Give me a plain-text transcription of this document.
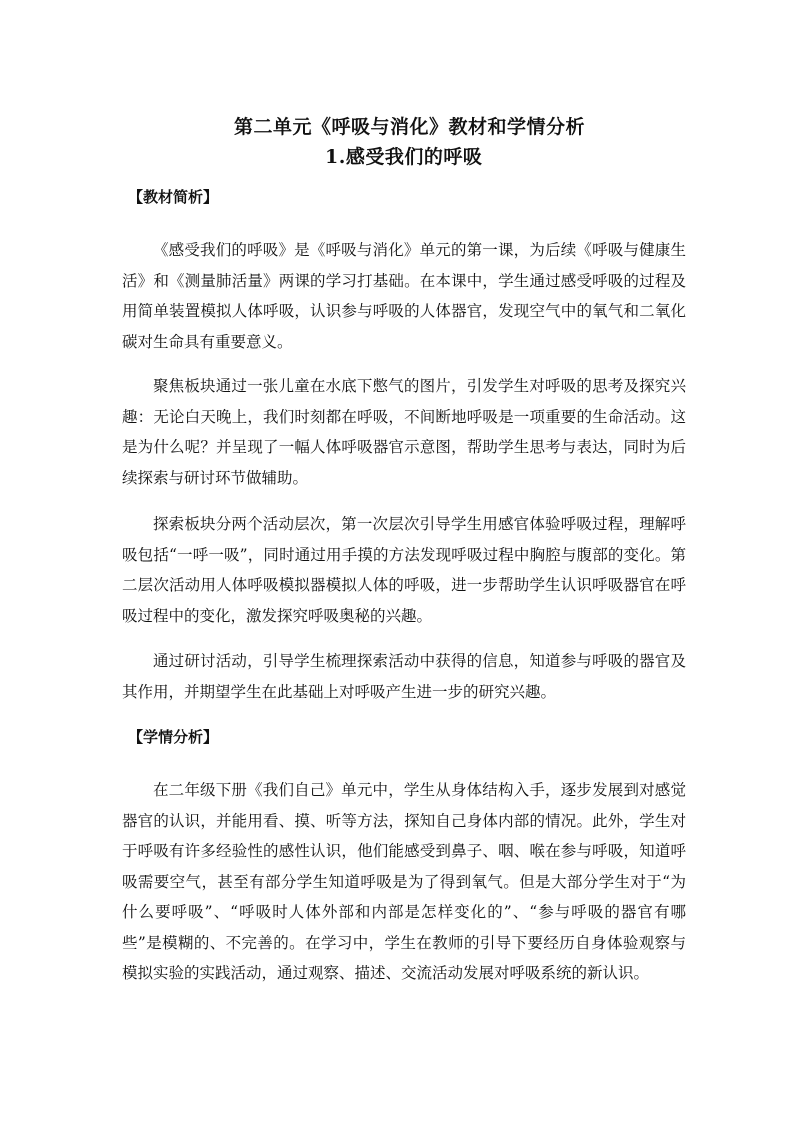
第二单元《呼吸与消化》教材和学情分析
1.感受我们的呼吸
【教材简析】

《感受我们的呼吸》是《呼吸与消化》单元的第一课，为后续《呼吸与健康生活》和《测量肺活量》两课的学习打基础。在本课中，学生通过感受呼吸的过程及用简单装置模拟人体呼吸，认识参与呼吸的人体器官，发现空气中的氧气和二氧化碳对生命具有重要意义。

聚焦板块通过一张儿童在水底下憋气的图片，引发学生对呼吸的思考及探究兴趣：无论白天晚上，我们时刻都在呼吸，不间断地呼吸是一项重要的生命活动。这是为什么呢？并呈现了一幅人体呼吸器官示意图，帮助学生思考与表达，同时为后续探索与研讨环节做辅助。

探索板块分两个活动层次，第一次层次引导学生用感官体验呼吸过程，理解呼吸包括“一呼一吸”，同时通过用手摸的方法发现呼吸过程中胸腔与腹部的变化。第二层次活动用人体呼吸模拟器模拟人体的呼吸，进一步帮助学生认识呼吸器官在呼吸过程中的变化，激发探究呼吸奥秘的兴趣。

通过研讨活动，引导学生梳理探索活动中获得的信息，知道参与呼吸的器官及其作用，并期望学生在此基础上对呼吸产生进一步的研究兴趣。

【学情分析】

在二年级下册《我们自己》单元中，学生从身体结构入手，逐步发展到对感觉器官的认识，并能用看、摸、听等方法，探知自己身体内部的情况。此外，学生对于呼吸有许多经验性的感性认识，他们能感受到鼻子、咽、喉在参与呼吸，知道呼吸需要空气，甚至有部分学生知道呼吸是为了得到氧气。但是大部分学生对于“为什么要呼吸”、“呼吸时人体外部和内部是怎样变化的”、“参与呼吸的器官有哪些”是模糊的、不完善的。在学习中，学生在教师的引导下要经历自身体验观察与模拟实验的实践活动，通过观察、描述、交流活动发展对呼吸系统的新认识。
